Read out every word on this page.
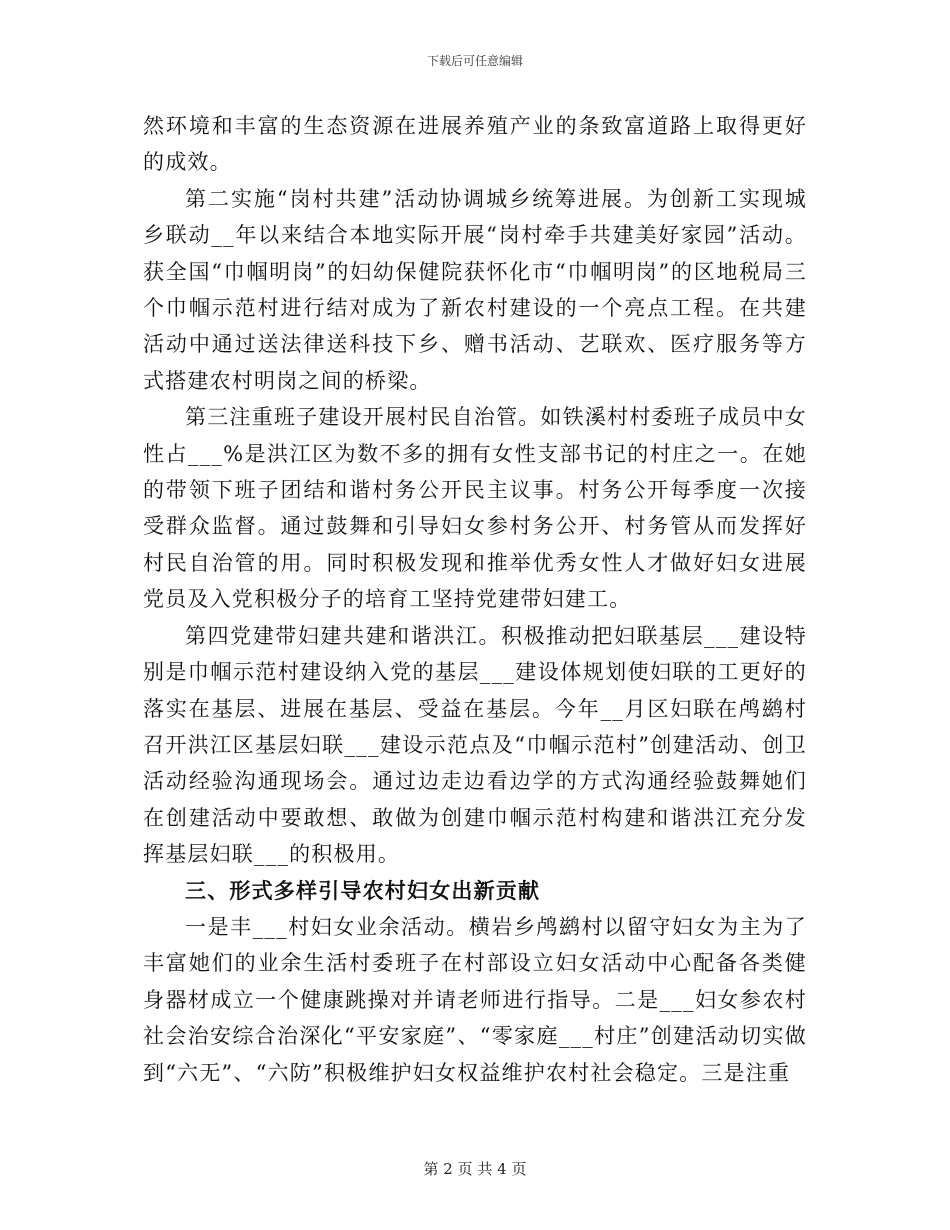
下载后可任意编辑

然环境和丰富的生态资源在进展养殖产业的条致富道路上取得更好的成效。

第二实施“岗村共建”活动协调城乡统筹进展。为创新工实现城乡联动__年以来结合本地实际开展“岗村牵手共建美好家园”活动。获全国“巾帼明岗”的妇幼保健院获怀化市“巾帼明岗”的区地税局三个巾帼示范村进行结对成为了新农村建设的一个亮点工程。在共建活动中通过送法律送科技下乡、赠书活动、艺联欢、医疗服务等方式搭建农村明岗之间的桥梁。

第三注重班子建设开展村民自治管。如铁溪村村委班子成员中女性占___%是洪江区为数不多的拥有女性支部书记的村庄之一。在她的带领下班子团结和谐村务公开民主议事。村务公开每季度一次接受群众监督。通过鼓舞和引导妇女参村务公开、村务管从而发挥好村民自治管的用。同时积极发现和推举优秀女性人才做好妇女进展党员及入党积极分子的培育工坚持党建带妇建工。

第四党建带妇建共建和谐洪江。积极推动把妇联基层___建设特别是巾帼示范村建设纳入党的基层___建设体规划使妇联的工更好的落实在基层、进展在基层、受益在基层。今年__月区妇联在鸬鹚村召开洪江区基层妇联___建设示范点及“巾帼示范村”创建活动、创卫活动经验沟通现场会。通过边走边看边学的方式沟通经验鼓舞她们在创建活动中要敢想、敢做为创建巾帼示范村构建和谐洪江充分发挥基层妇联___的积极用。

三、形式多样引导农村妇女出新贡献

一是丰___村妇女业余活动。横岩乡鸬鹚村以留守妇女为主为了丰富她们的业余生活村委班子在村部设立妇女活动中心配备各类健身器材成立一个健康跳操对并请老师进行指导。二是___妇女参农村社会治安综合治深化“平安家庭”、“零家庭___村庄”创建活动切实做到“六无”、“六防”积极维护妇女权益维护农村社会稳定。三是注重

第 2 页 共 4 页
